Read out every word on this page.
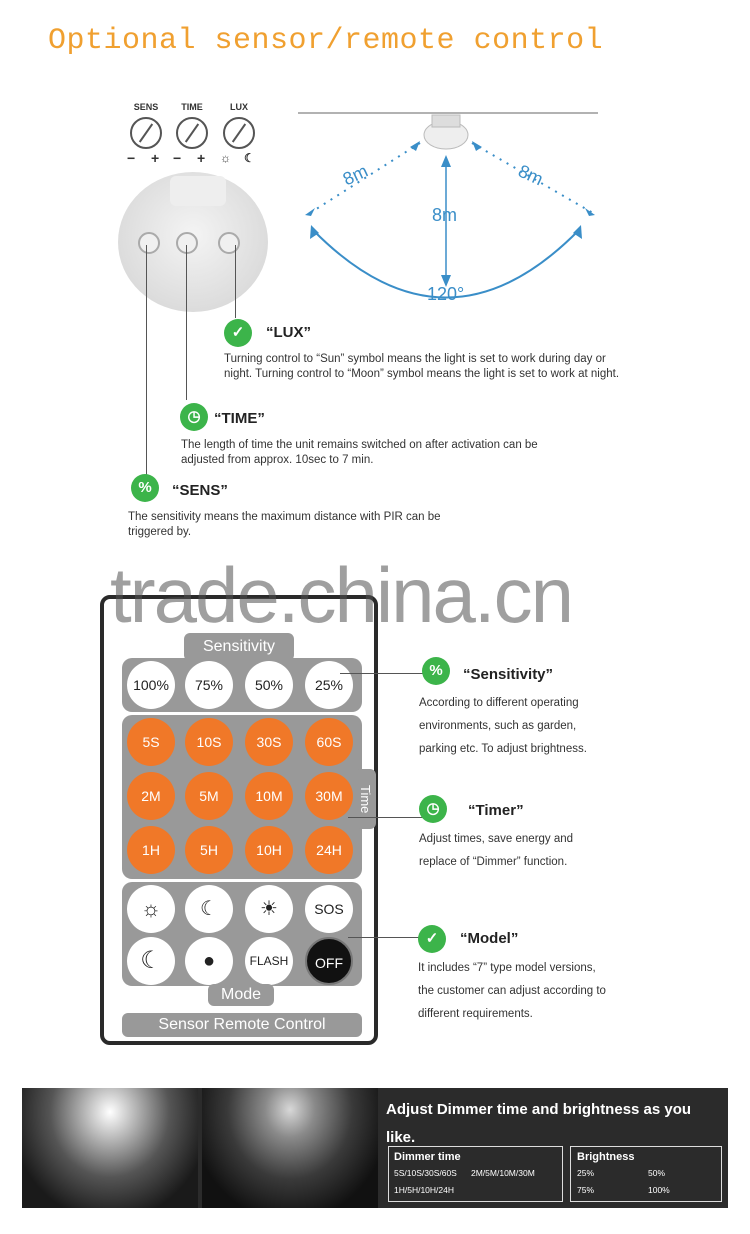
Optional sensor/remote control
SENS
− +
TIME
− +
LUX
☼ ☾
8m	8m
8m
120°
✓	“LUX”
Turning control to “Sun” symbol means the light is set to work during day or night. Turning control to “Moon” symbol means the light is set to work at night.
◷ “TIME”
The length of time the unit remains switched on after activation can be adjusted from approx. 10sec to 7 min.
%	“SENS”
The sensitivity means the maximum distance with PIR can be triggered by.
Sensitivity
100%	75%	50%	25%
5S	10S	30S	60S
2M	5M	10M	30M
1H	5H	10H	24H
Time
☼	☾	☀	SOS
☾	●	FLASH	OFF
Mode
Sensor Remote Control
trade.china.cn
%	“Sensitivity”
According to different operating
environments, such as garden,
parking etc. To adjust brightness.
◷	“Timer”
Adjust times, save energy and
replace of “Dimmer” function.
✓	“Model”
It includes “7” type model versions,
the customer can adjust according to
different requirements.
Adjust Dimmer time and brightness as you like.
Dimmer time
5S/10S/30S/60S 2M/5M/10M/30M
1H/5H/10H/24H
Brightness
25%	50%
75%	100%
